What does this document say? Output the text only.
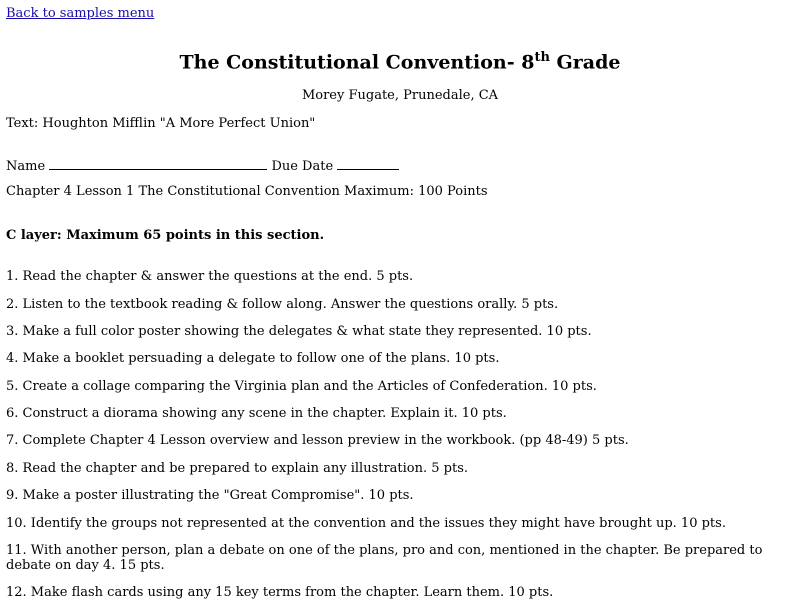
Back to samples menu
The Constitutional Convention- 8th Grade
Morey Fugate, Prunedale, CA
Text: Houghton Mifflin "A More Perfect Union"
Name	Due Date
Chapter 4 Lesson 1 The Constitutional Convention Maximum: 100 Points
C layer: Maximum 65 points in this section.
1. Read the chapter & answer the questions at the end. 5 pts.
2. Listen to the textbook reading & follow along. Answer the questions orally. 5 pts.
3. Make a full color poster showing the delegates & what state they represented. 10 pts.
4. Make a booklet persuading a delegate to follow one of the plans. 10 pts.
5. Create a collage comparing the Virginia plan and the Articles of Confederation. 10 pts.
6. Construct a diorama showing any scene in the chapter. Explain it. 10 pts.
7. Complete Chapter 4 Lesson overview and lesson preview in the workbook. (pp 48-49) 5 pts.
8. Read the chapter and be prepared to explain any illustration. 5 pts.
9. Make a poster illustrating the "Great Compromise". 10 pts.
10. Identify the groups not represented at the convention and the issues they might have brought up. 10 pts.
11. With another person, plan a debate on one of the plans, pro and con, mentioned in the chapter. Be prepared to debate on day 4. 15 pts.
12. Make flash cards using any 15 key terms from the chapter. Learn them. 10 pts.
